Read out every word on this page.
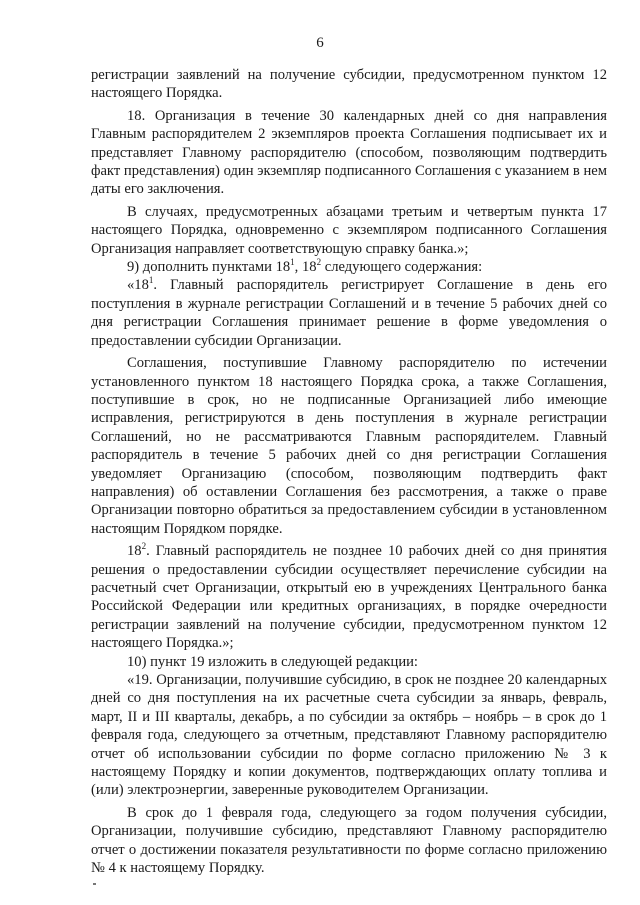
6

регистрации заявлений на получение субсидии, предусмотренном пунктом 12 настоящего Порядка.

18. Организация в течение 30 календарных дней со дня направления Главным распорядителем 2 экземпляров проекта Соглашения подписывает их и представляет Главному распорядителю (способом, позволяющим подтвердить факт представления) один экземпляр подписанного Соглашения с указанием в нем даты его заключения.

В случаях, предусмотренных абзацами третьим и четвертым пункта 17 настоящего Порядка, одновременно с экземпляром подписанного Соглашения Организация направляет соответствующую справку банка.»;

9) дополнить пунктами $18^1$, $18^2$ следующего содержания:

«$18^1$. Главный распорядитель регистрирует Соглашение в день его поступления в журнале регистрации Соглашений и в течение 5 рабочих дней со дня регистрации Соглашения принимает решение в форме уведомления о предоставлении субсидии Организации.

Соглашения, поступившие Главному распорядителю по истечении установленного пунктом 18 настоящего Порядка срока, а также Соглашения, поступившие в срок, но не подписанные Организацией либо имеющие исправления, регистрируются в день поступления в журнале регистрации Соглашений, но не рассматриваются Главным распорядителем. Главный распорядитель в течение 5 рабочих дней со дня регистрации Соглашения уведомляет Организацию (способом, позволяющим подтвердить факт направления) об оставлении Соглашения без рассмотрения, а также о праве Организации повторно обратиться за предоставлением субсидии в установленном настоящим Порядком порядке.

$18^2$. Главный распорядитель не позднее 10 рабочих дней со дня принятия решения о предоставлении субсидии осуществляет перечисление субсидии на расчетный счет Организации, открытый ею в учреждениях Центрального банка Российской Федерации или кредитных организациях, в порядке очередности регистрации заявлений на получение субсидии, предусмотренном пунктом 12 настоящего Порядка.»;

10) пункт 19 изложить в следующей редакции:

«19. Организации, получившие субсидию, в срок не позднее 20 календарных дней со дня поступления на их расчетные счета субсидии за январь, февраль, март, II и III кварталы, декабрь, а по субсидии за октябрь – ноябрь – в срок до 1 февраля года, следующего за отчетным, представляют Главному распорядителю отчет об использовании субсидии по форме согласно приложению № 3 к настоящему Порядку и копии документов, подтверждающих оплату топлива и (или) электроэнергии, заверенные руководителем Организации.

В срок до 1 февраля года, следующего за годом получения субсидии, Организации, получившие субсидию, представляют Главному распорядителю отчет о достижении показателя результативности по форме согласно приложению № 4 к настоящему Порядку.
